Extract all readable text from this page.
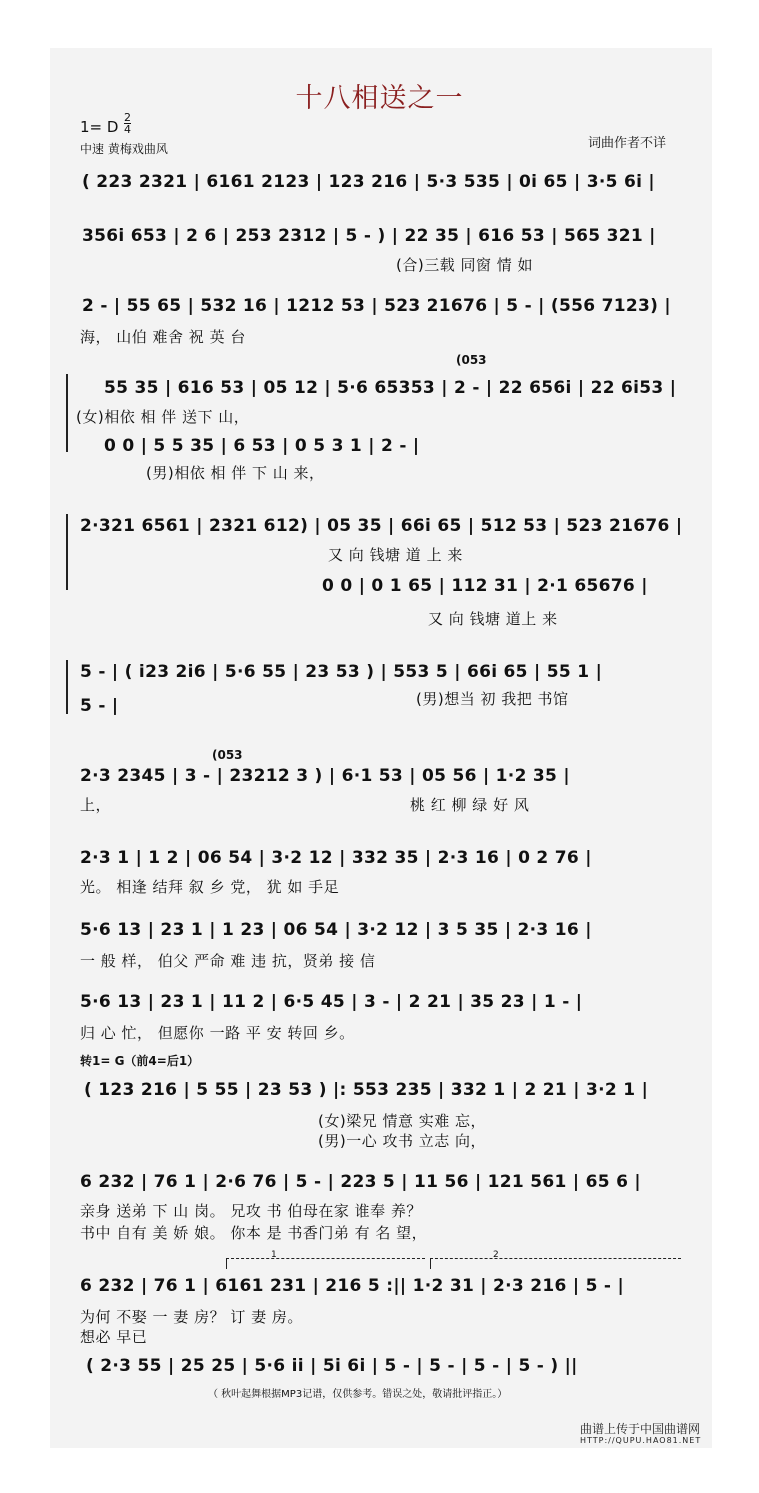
十八相送之一
1= D
2
4
中速 黄梅戏曲风	词曲作者不详
( 223 2321 | 6161 2123 | 123 216 | 5·3 535 | 0i 65 | 3·5 6i |
356i 653 | 2 6 | 253 2312 | 5 - ) | 22 35 | 616 53 | 565 321 |
(合)三载 同窗 情 如
2 - | 55 65 | 532 16 | 1212 53 | 523 21676 | 5 - | (556 7123) |
海， 山伯 难舍 祝 英 台
(053
55 35 | 616 53 | 05 12 | 5·6 65353 | 2 - | 22 656i | 22 6i53 |
(女)相依 相 伴 送下 山，
0 0 | 5 5 35 | 6 53 | 0 5 3 1 | 2 - |
(男)相依 相 伴 下 山 来，
2·321 6561 | 2321 612) | 05 35 | 66i 65 | 512 53 | 523 21676 |
又 向 钱塘 道 上 来
0 0 | 0 1 65 | 112 31 | 2·1 65676 |
又 向 钱塘 道上 来
5 - | ( i23 2i6 | 5·6 55 | 23 53 ) | 553 5 | 66i 65 | 55 1 |
(男)想当 初 我把 书馆
5 - |
(053
2·3 2345 | 3 - | 23212 3 ) | 6·1 53 | 05 56 | 1·2 35 |
上，	桃 红 柳 绿 好 风
2·3 1 | 1 2 | 06 54 | 3·2 12 | 332 35 | 2·3 16 | 0 2 76 |
光。 相逢 结拜 叙 乡 党， 犹 如 手足
5·6 13 | 23 1 | 1 23 | 06 54 | 3·2 12 | 3 5 35 | 2·3 16 |
一 般 样， 伯父 严命 难 违 抗，贤弟 接 信
5·6 13 | 23 1 | 11 2 | 6·5 45 | 3 - | 2 21 | 35 23 | 1 - |
归 心 忙， 但愿你 一路 平 安 转回 乡。
转1= G（前4=后1）
( 123 216 | 5 55 | 23 53 ) |: 553 235 | 332 1 | 2 21 | 3·2 1 |
(女)梁兄 情意 实难 忘，
(男)一心 攻书 立志 向，
6 232 | 76 1 | 2·6 76 | 5 - | 223 5 | 11 56 | 121 561 | 65 6 |
亲身 送弟 下 山 岗。 兄攻 书 伯母在家 谁奉 养？
书中 自有 美 娇 娘。 你本 是 书香门弟 有 名 望，
1	2
6 232 | 76 1 | 6161 231 | 216 5 :|| 1·2 31 | 2·3 216 | 5 - |
为何 不娶 一 妻 房？ 订 妻 房。
想必 早已
( 2·3 55 | 25 25 | 5·6 ii | 5i 6i | 5 - | 5 - | 5 - | 5 - ) ||
（ 秋叶起舞根据MP3记谱，仅供参考。错误之处，敬请批评指正。）
曲谱上传于中国曲谱网
HTTP://QUPU.HAO81.NET
